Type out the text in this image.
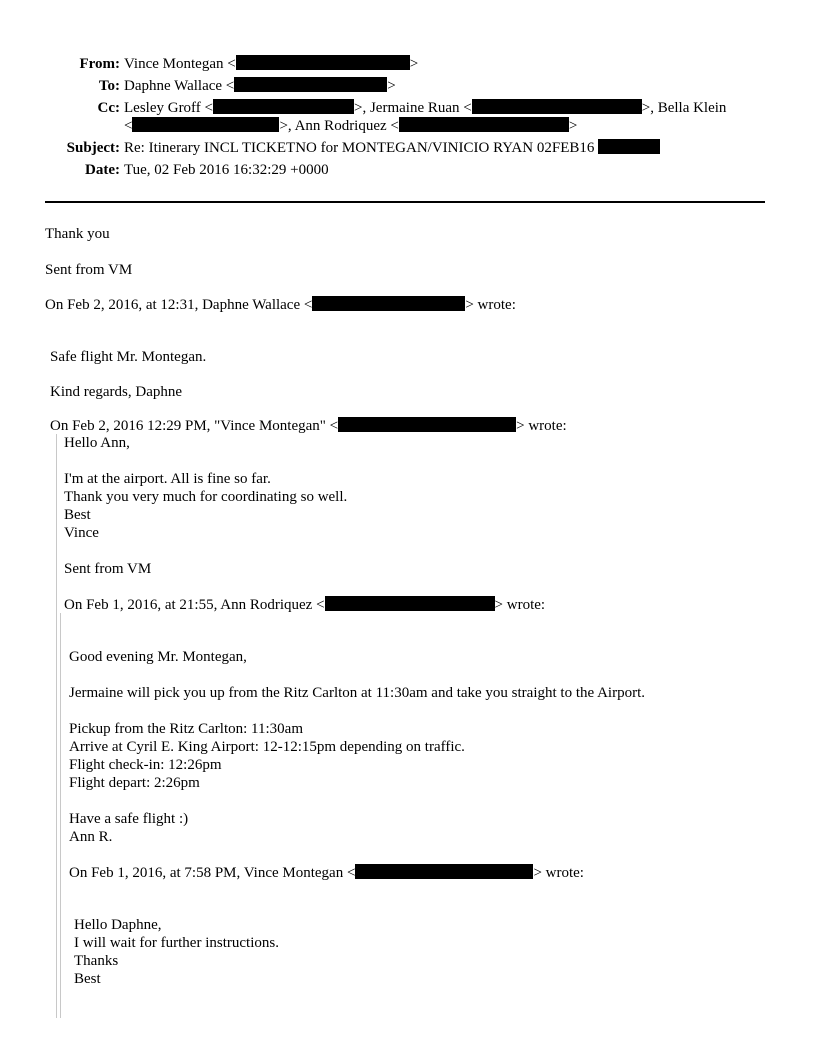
From: Vince Montegan <	>
To: Daphne Wallace <	>
Cc: Lesley Groff <	>, Jermaine Ruan <	>, Bella Klein
<	>, Ann Rodriquez <	>
Subject: Re: Itinerary INCL TICKETNO for MONTEGAN/VINICIO RYAN 02FEB16
Date: Tue, 02 Feb 2016 16:32:29 +0000
Thank you
Sent from VM
On Feb 2, 2016, at 12:31, Daphne Wallace <	> wrote:
Safe flight Mr. Montegan.
Kind regards, Daphne
On Feb 2, 2016 12:29 PM, "Vince Montegan" <	> wrote:
Hello Ann,
I'm at the airport. All is fine so far.
Thank you very much for coordinating so well.
Best
Vince
Sent from VM
On Feb 1, 2016, at 21:55, Ann Rodriquez <	> wrote:
Good evening Mr. Montegan,
Jermaine will pick you up from the Ritz Carlton at 11:30am and take you straight to the Airport.
Pickup from the Ritz Carlton: 11:30am
Arrive at Cyril E. King Airport: 12-12:15pm depending on traffic.
Flight check-in: 12:26pm
Flight depart: 2:26pm
Have a safe flight :)
Ann R.
On Feb 1, 2016, at 7:58 PM, Vince Montegan <	> wrote:
Hello Daphne,
I will wait for further instructions.
Thanks
Best
